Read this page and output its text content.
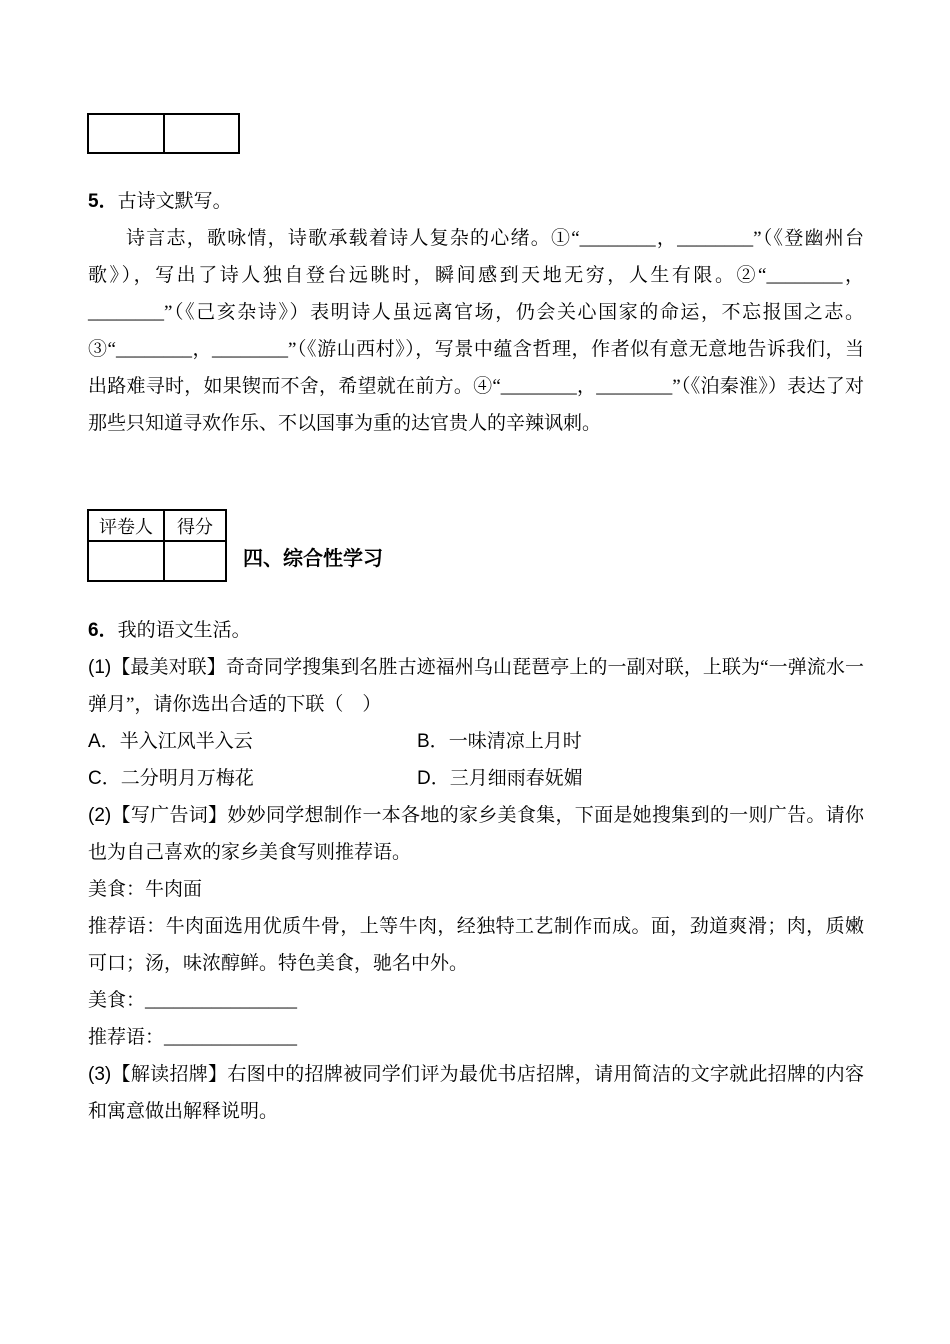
5．古诗文默写。

诗言志，歌咏情，诗歌承载着诗人复杂的心绪。①“________，________”（《登幽州台歌》），写出了诗人独自登台远眺时，瞬间感到天地无穷，人生有限。②“________，________”（《己亥杂诗》）表明诗人虽远离官场，仍会关心国家的命运，不忘报国之志。③“________，________”（《游山西村》），写景中蕴含哲理，作者似有意无意地告诉我们，当出路难寻时，如果锲而不舍，希望就在前方。④“________，________”（《泊秦淮》）表达了对那些只知道寻欢作乐、不以国事为重的达官贵人的辛辣讽刺。

评卷人	得分

四、综合性学习
6．我的语文生活。

(1)【最美对联】奇奇同学搜集到名胜古迹福州乌山琵琶亭上的一副对联，上联为“一弹流水一弹月”，请你选出合适的下联（　）

A．半入江风半入云	B．一味清凉上月时
C．二分明月万梅花	D．三月细雨春妩媚

(2)【写广告词】妙妙同学想制作一本各地的家乡美食集，下面是她搜集到的一则广告。请你也为自己喜欢的家乡美食写则推荐语。

美食：牛肉面

推荐语：牛肉面选用优质牛骨，上等牛肉，经独特工艺制作而成。面，劲道爽滑；肉，质嫩可口；汤，味浓醇鲜。特色美食，驰名中外。

美食：________________
推荐语：______________

(3)【解读招牌】右图中的招牌被同学们评为最优书店招牌，请用简洁的文字就此招牌的内容和寓意做出解释说明。
